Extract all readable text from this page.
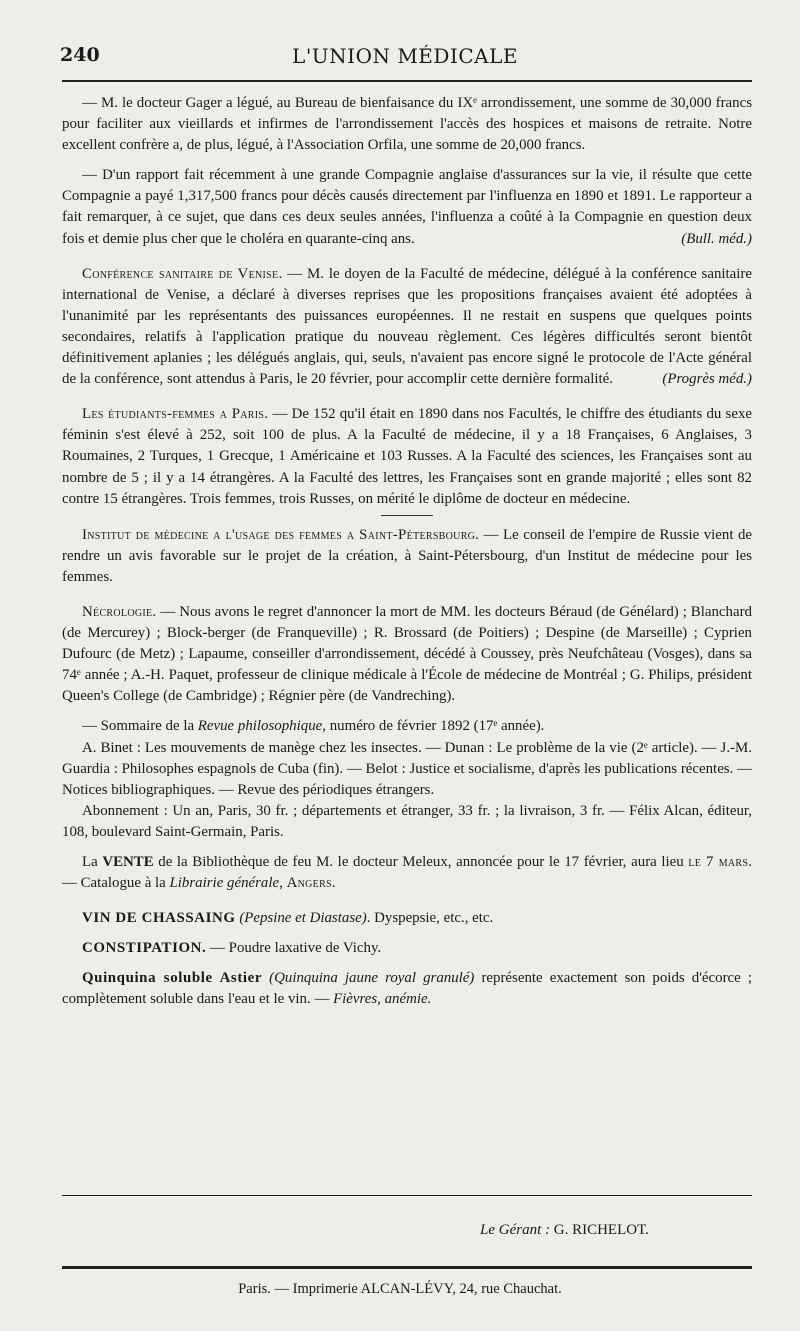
240	L'UNION MÉDICALE

— M. le docteur Gager a légué, au Bureau de bienfaisance du IXᵉ arrondissement, une somme de 30,000 francs pour faciliter aux vieillards et infirmes de l'arrondissement l'accès des hospices et maisons de retraite. Notre excellent confrère a, de plus, légué, à l'Association Orfila, une somme de 20,000 francs.

— D'un rapport fait récemment à une grande Compagnie anglaise d'assurances sur la vie, il résulte que cette Compagnie a payé 1,317,500 francs pour décès causés directement par l'influenza en 1890 et 1891. Le rapporteur a fait remarquer, à ce sujet, que dans ces deux seules années, l'influenza a coûté à la Compagnie en question deux fois et demie plus cher que le choléra en quarante-cinq ans.	(Bull. méd.)

Conférence sanitaire de Venise. — M. le doyen de la Faculté de médecine, délégué à la conférence sanitaire international de Venise, a déclaré à diverses reprises que les propositions françaises avaient été adoptées à l'unanimité par les représentants des puissances européennes. Il ne restait en suspens que quelques points secondaires, relatifs à l'application pratique du nouveau règlement. Ces légères difficultés seront bientôt définitivement aplanies ; les délégués anglais, qui, seuls, n'avaient pas encore signé le protocole de l'Acte général de la conférence, sont attendus à Paris, le 20 février, pour accomplir cette dernière formalité.	(Progrès méd.)

Les étudiants-femmes a Paris. — De 152 qu'il était en 1890 dans nos Facultés, le chiffre des étudiants du sexe féminin s'est élevé à 252, soit 100 de plus. A la Faculté de médecine, il y a 18 Françaises, 6 Anglaises, 3 Roumaines, 2 Turques, 1 Grecque, 1 Américaine et 103 Russes. A la Faculté des sciences, les Françaises sont au nombre de 5 ; il y a 14 étrangères. A la Faculté des lettres, les Françaises sont en grande majorité ; elles sont 82 contre 15 étrangères. Trois femmes, trois Russes, on mérité le diplôme de docteur en médecine.

Institut de médecine a l'usage des femmes a Saint-Pétersbourg. — Le conseil de l'empire de Russie vient de rendre un avis favorable sur le projet de la création, à Saint-Pétersbourg, d'un Institut de médecine pour les femmes.

Nécrologie. — Nous avons le regret d'annoncer la mort de MM. les docteurs Béraud (de Génélard) ; Blanchard (de Mercurey) ; Block-berger (de Franqueville) ; R. Brossard (de Poitiers) ; Despine (de Marseille) ; Cyprien Dufourc (de Metz) ; Lapaume, conseiller d'arrondissement, décédé à Coussey, près Neufchâteau (Vosges), dans sa 74ᵉ année ; A.-H. Paquet, professeur de clinique médicale à l'École de médecine de Montréal ; G. Philips, président Queen's College (de Cambridge) ; Régnier père (de Vandreching).

— Sommaire de la Revue philosophique, numéro de février 1892 (17ᵉ année).

A. Binet : Les mouvements de manège chez les insectes. — Dunan : Le problème de la vie (2ᵉ article). — J.-M. Guardia : Philosophes espagnols de Cuba (fin). — Belot : Justice et socialisme, d'après les publications récentes. — Notices bibliographiques. — Revue des périodiques étrangers.

Abonnement : Un an, Paris, 30 fr. ; départements et étranger, 33 fr. ; la livraison, 3 fr. — Félix Alcan, éditeur, 108, boulevard Saint-Germain, Paris.

La VENTE de la Bibliothèque de feu M. le docteur Meleux, annoncée pour le 17 février, aura lieu le 7 mars. — Catalogue à la Librairie générale, Angers.

VIN DE CHASSAING (Pepsine et Diastase). Dyspepsie, etc., etc.

CONSTIPATION. — Poudre laxative de Vichy.

Quinquina soluble Astier (Quinquina jaune royal granulé) représente exactement son poids d'écorce ; complètement soluble dans l'eau et le vin. — Fièvres, anémie.

Le Gérant : G. RICHELOT.
Paris. — Imprimerie ALCAN-LÉVY, 24, rue Chauchat.
